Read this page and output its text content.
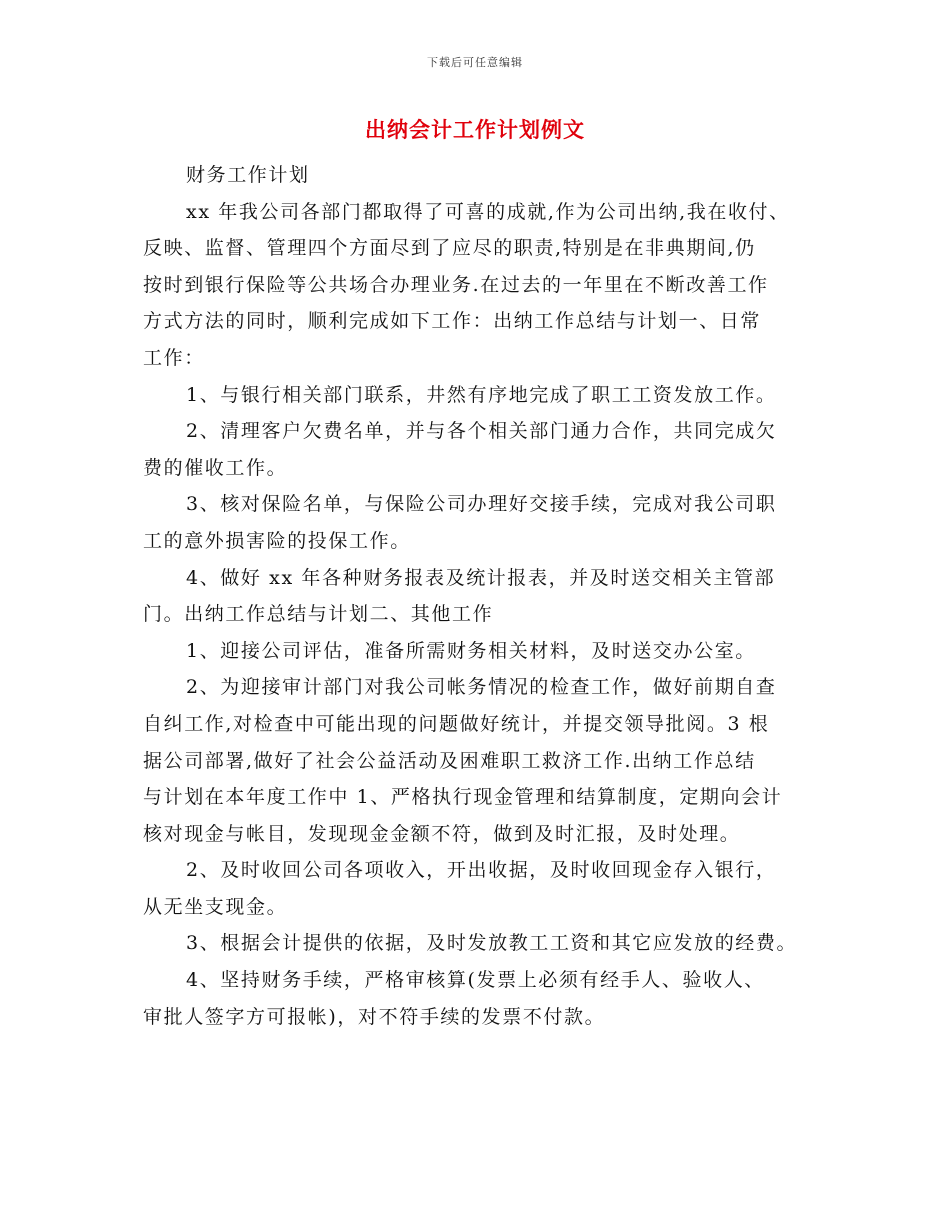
下载后可任意编辑
出纳会计工作计划例文
财务工作计划
xx 年我公司各部门都取得了可喜的成就,作为公司出纳,我在收付、
反映、监督、管理四个方面尽到了应尽的职责,特别是在非典期间,仍
按时到银行保险等公共场合办理业务.在过去的一年里在不断改善工作
方式方法的同时，顺利完成如下工作：出纳工作总结与计划一、日常
工作：
1、与银行相关部门联系，井然有序地完成了职工工资发放工作。
2、清理客户欠费名单，并与各个相关部门通力合作，共同完成欠
费的催收工作。
3、核对保险名单，与保险公司办理好交接手续，完成对我公司职
工的意外损害险的投保工作。
4、做好 xx 年各种财务报表及统计报表，并及时送交相关主管部
门。出纳工作总结与计划二、其他工作
1、迎接公司评估，准备所需财务相关材料，及时送交办公室。
2、为迎接审计部门对我公司帐务情况的检查工作，做好前期自查
自纠工作,对检查中可能出现的问题做好统计，并提交领导批阅。3 根
据公司部署,做好了社会公益活动及困难职工救济工作.出纳工作总结
与计划在本年度工作中 1、严格执行现金管理和结算制度，定期向会计
核对现金与帐目，发现现金金额不符，做到及时汇报，及时处理。
2、及时收回公司各项收入，开出收据，及时收回现金存入银行，
从无坐支现金。
3、根据会计提供的依据，及时发放教工工资和其它应发放的经费。
4、坚持财务手续，严格审核算(发票上必须有经手人、验收人、
审批人签字方可报帐)，对不符手续的发票不付款。
